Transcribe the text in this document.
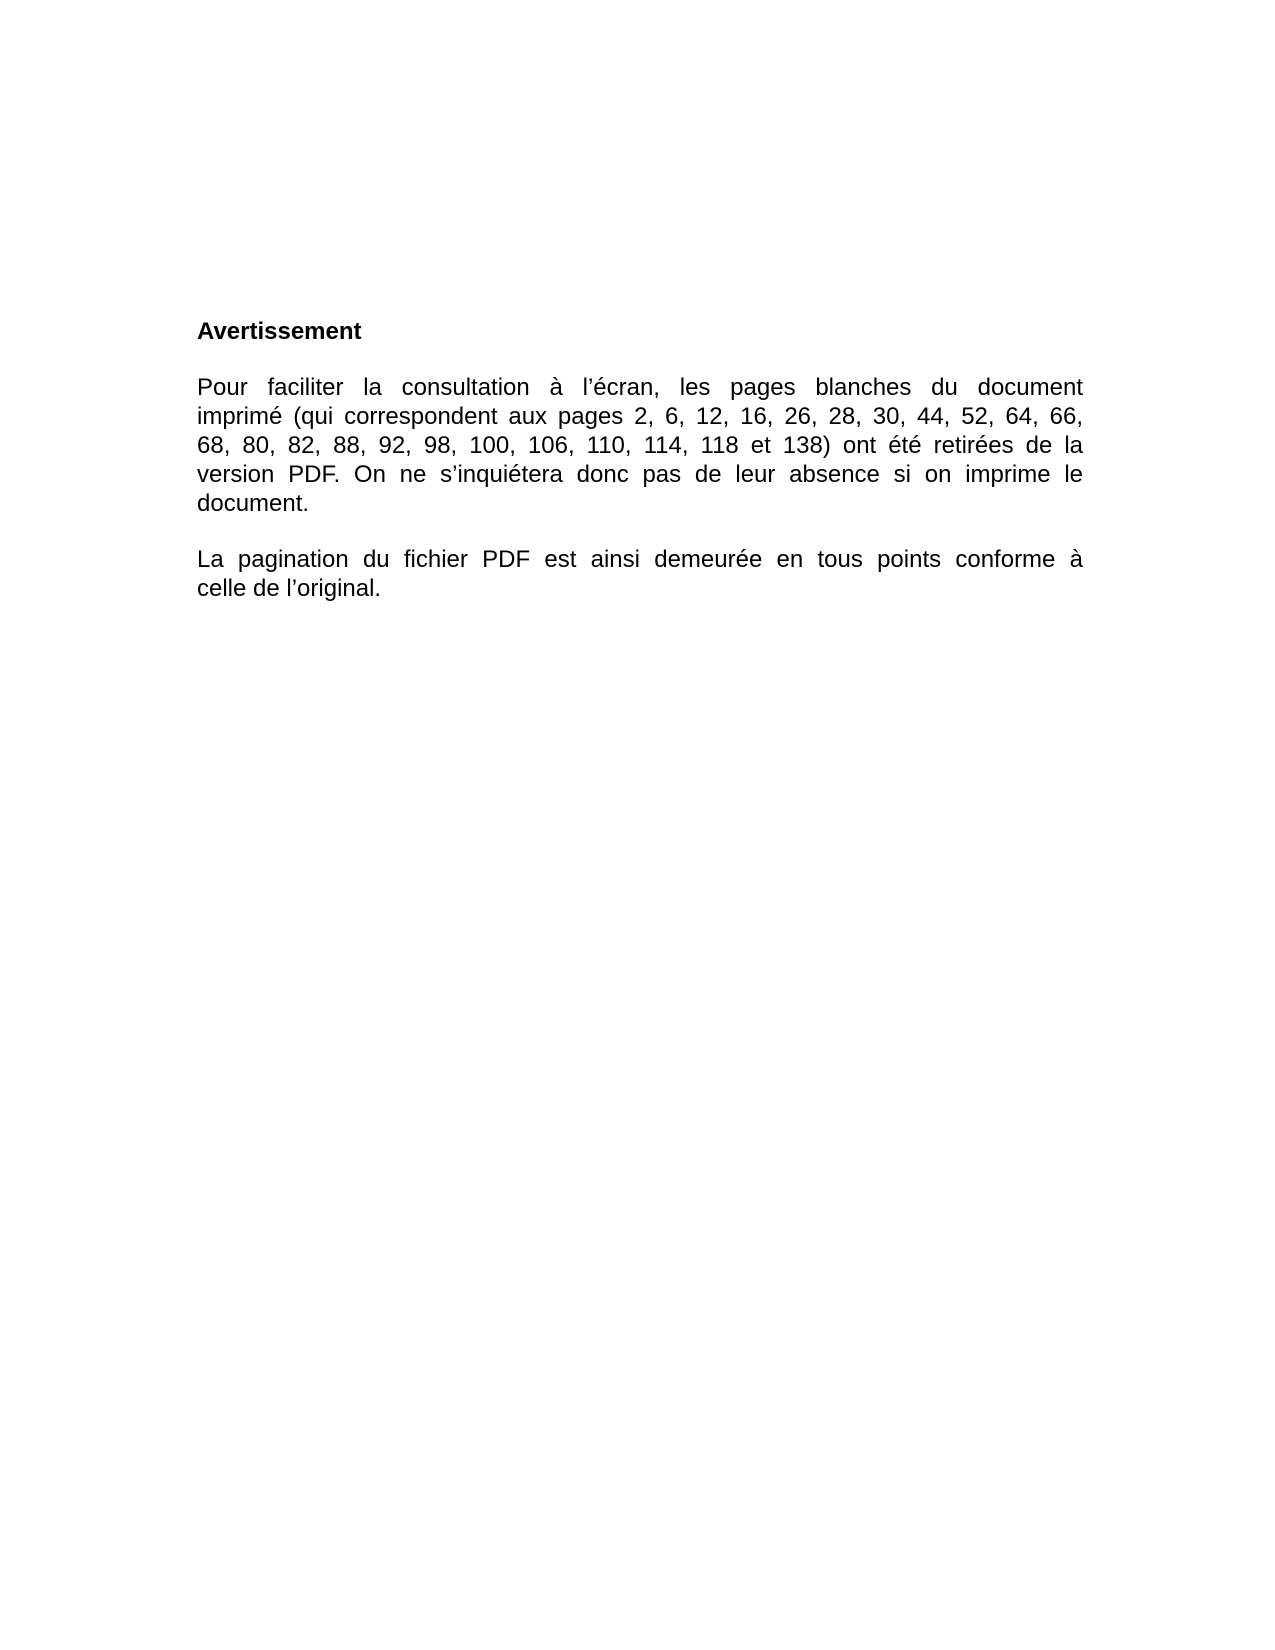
Avertissement

Pour faciliter la consultation à l’écran, les pages blanches du document
imprimé (qui correspondent aux pages 2, 6, 12, 16, 26, 28, 30, 44, 52, 64, 66,
68, 80, 82, 88, 92, 98, 100, 106, 110, 114, 118 et 138) ont été retirées de la
version PDF. On ne s’inquiétera donc pas de leur absence si on imprime le
document.

La pagination du fichier PDF est ainsi demeurée en tous points conforme à
celle de l’original.
